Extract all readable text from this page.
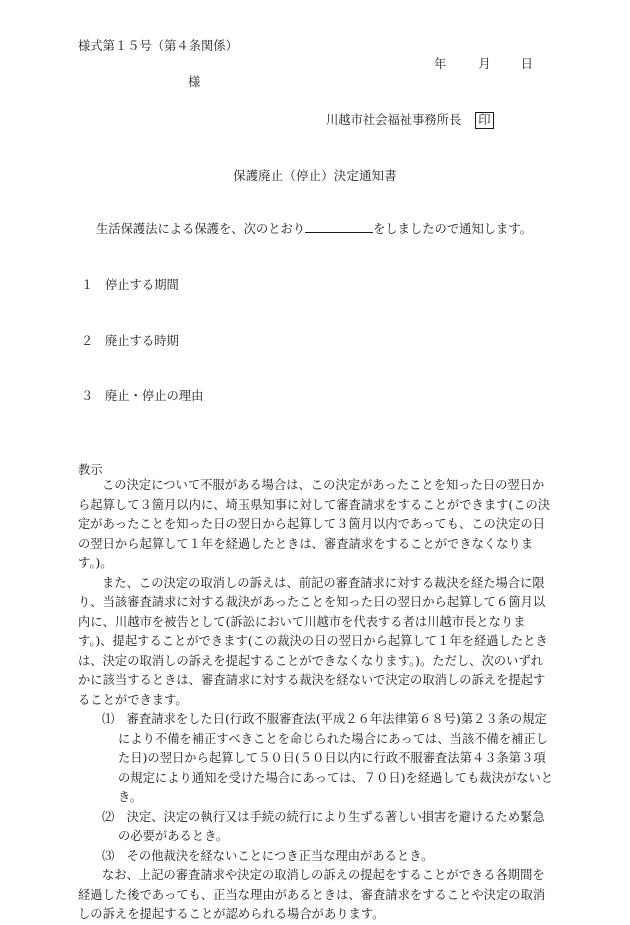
様式第１５号（第４条関係）
年	月 日
様
川越市社会福祉事務所長 印
保護廃止（停止）決定通知書
生活保護法による保護を、次のとおり	をしましたので通知します。
１ 停止する期間
２ 廃止する時期
３ 廃止・停止の理由
教示

この決定について不服がある場合は、この決定があったことを知った日の翌日から起算して３箇月以内に、埼玉県知事に対して審査請求をすることができます(この決定があったことを知った日の翌日から起算して３箇月以内であっても、この決定の日の翌日から起算して１年を経過したときは、審査請求をすることができなくなります。)。

また、この決定の取消しの訴えは、前記の審査請求に対する裁決を経た場合に限り、当該審査請求に対する裁決があったことを知った日の翌日から起算して６箇月以内に、川越市を被告として(訴訟において川越市を代表する者は川越市長となります。)、提起することができます(この裁決の日の翌日から起算して１年を経過したときは、決定の取消しの訴えを提起することができなくなります。)。ただし、次のいずれかに該当するときは、審査請求に対する裁決を経ないで決定の取消しの訴えを提起することができます。

⑴　 審査請求をした日(行政不服審査法(平成２６年法律第６８号)第２３条の規定により不備を補正すべきことを命じられた場合にあっては、当該不備を補正した日)の翌日から起算して５０日(５０日以内に行政不服審査法第４３条第３項の規定により通知を受けた場合にあっては、７０日)を経過しても裁決がないとき。

⑵　 決定、決定の執行又は手続の続行により生ずる著しい損害を避けるため緊急の必要があるとき。

⑶　 その他裁決を経ないことにつき正当な理由があるとき。

なお、上記の審査請求や決定の取消しの訴えの提起をすることができる各期間を経過した後であっても、正当な理由があるときは、審査請求をすることや決定の取消しの訴えを提起することが認められる場合があります。
